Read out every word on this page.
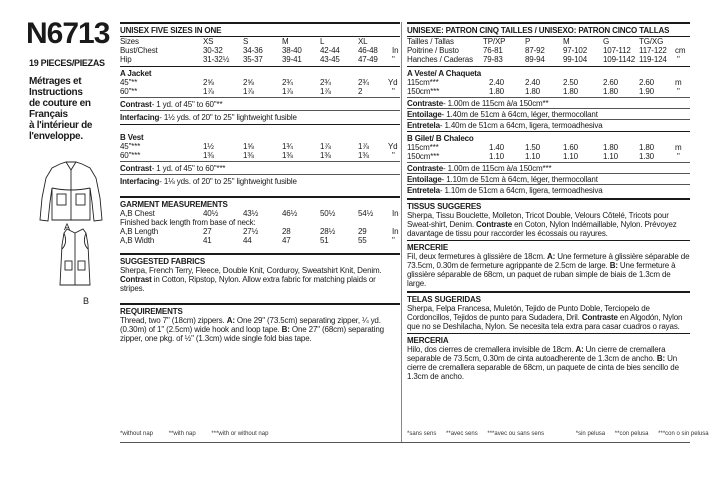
N6713
19 PIECES/PIEZAS
Métrages et
Instructions
de couture en
Français
à l'intérieur de
l'enveloppe.
A
B
UNISEX FIVE SIZES IN ONE
Sizes	XS	S	M	L	XL
Bust/Chest	30-32	34-36 38-40 42-44 46-48 In
Hip	31-32½ 35-37 39-41 43-45 47-49 "
A Jacket
45"**	2⅝	2⅝	2¾	2¾	2¾ Yd
60"**	1⅞	1⅞	1⅞	1⅞	2	"
Contrast- 1 yd. of 45" to 60"**
Interfacing- 1½ yds. of 20" to 25" lightweight fusible
B Vest
45"***	1½	1⅝	1¾	1⅞	1⅞ Yd
60"***	1⅜	1⅜	1⅜	1⅜	1⅜	"
Contrast- 1 yd. of 45" to 60"***
Interfacing- 1⅛ yds. of 20" to 25" lightweight fusible
GARMENT MEASUREMENTS
A,B Chest	40½	43½	46½	50½	54½ In
Finished back length from base of neck:
A,B Length	27	27½	28	28½	29	In
A,B Width	41	44	47	51	55	"
SUGGESTED FABRICS
Sherpa, French Terry, Fleece, Double Knit, Corduroy, Sweatshirt Knit, Denim. Contrast in Cotton, Ripstop, Nylon. Allow extra fabric for matching plaids or stripes.
REQUIREMENTS
Thread, two 7" (18cm) zippers. A: One 29" (73.5cm) separating zipper, ¼ yd. (0.30m) of 1" (2.5cm) wide hook and loop tape. B: One 27" (68cm) separating zipper, one pkg. of ½" (1.3cm) wide single fold bias tape.
*without nap	**with nap	***with or without nap
UNISEXE: PATRON CINQ TAILLES / UNISEXO: PATRON CINCO TALLAS
Tailles / Tallas	TP/XP P	M	G	TG/XG
Poitrine / Busto	76-81	87-92 97-102 107-112 117-122 cm
Hanches / Caderas 79-83	89-94 99-104 109-1142 119-124 "
A Veste/ A Chaqueta
115cm***	2.40	2.40	2.50	2.60	2.60	m
150cm***	1.80	1.80	1.80	1.80	1.90	"
Contraste- 1.00m de 115cm à/a 150cm**
Entoilage- 1.40m de 51cm à 64cm, léger, thermocollant
Entretela- 1.40m de 51cm a 64cm, ligera, termoadhesiva
B Gilet/ B Chaleco
115cm***	1.40	1.50	1.60	1.80	1.80	m
150cm***	1.10	1.10	1.10	1.10	1.30	"
Contraste- 1.00m de 115cm à/a 150cm***
Entoilage- 1.10m de 51cm à 64cm, léger, thermocollant
Entretela- 1.10m de 51cm a 64cm, ligera, termoadhesiva
TISSUS SUGGERES
Sherpa, Tissu Bouclette, Molleton, Tricot Double, Velours Côtelé, Tricots pour Sweat-shirt, Denim. Contraste en Coton, Nylon Indémaillable, Nylon. Prévoyez davantage de tissu pour raccorder les écossais ou rayures.
MERCERIE
Fil, deux fermetures à glissière de 18cm. A: Une fermeture à glissière séparable de 73.5cm, 0.30m de fermeture agrippante de 2.5cm de large. B: Une fermeture à glissière séparable de 68cm, un paquet de ruban simple de biais de 1.3cm de large.
TELAS SUGERIDAS
Sherpa, Felpa Francesa, Muletón, Tejido de Punto Doble, Terciopelo de Cordoncillos, Tejidos de punto para Sudadera, Dril. Contraste en Algodón, Nylon que no se Deshilacha, Nylon. Se necesita tela extra para casar cuadros o rayas.
MERCERIA
Hilo, dos cierres de cremallera invisible de 18cm. A: Un cierre de cremallera separable de 73.5cm, 0.30m de cinta autoadherente de 1.3cm de ancho. B: Un cierre de cremallera separable de 68cm, un paquete de cinta de bies sencillo de 1.3cm de ancho.
*sans sens **avec sens ***avec ou sans sens	*sin pelusa **con pelusa ***con o sin pelusa
